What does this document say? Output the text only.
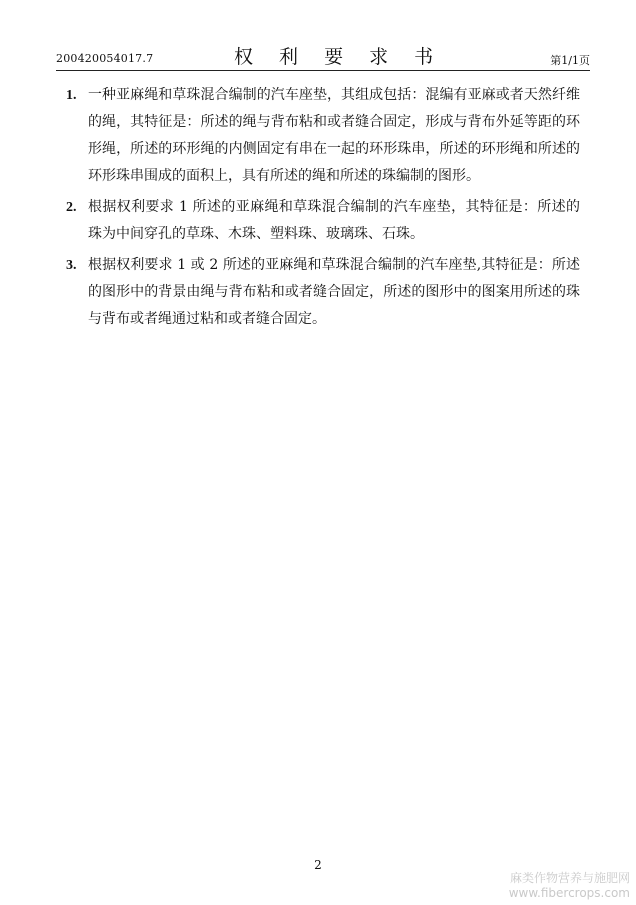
200420054017.7	权 利 要 求 书	第1/1页
1. 一种亚麻绳和草珠混合编制的汽车座垫，其组成包括：混编有亚麻或者天然纤维的绳，其特征是：所述的绳与背布粘和或者缝合固定，形成与背布外延等距的环形绳，所述的环形绳的内侧固定有串在一起的环形珠串，所述的环形绳和所述的环形珠串围成的面积上，具有所述的绳和所述的珠编制的图形。
2. 根据权利要求 1 所述的亚麻绳和草珠混合编制的汽车座垫，其特征是：所述的珠为中间穿孔的草珠、木珠、塑料珠、玻璃珠、石珠。
3. 根据权利要求 1 或 2 所述的亚麻绳和草珠混合编制的汽车座垫,其特征是：所述的图形中的背景由绳与背布粘和或者缝合固定，所述的图形中的图案用所述的珠与背布或者绳通过粘和或者缝合固定。
2
麻类作物营养与施肥网
www.fibercrops.com
